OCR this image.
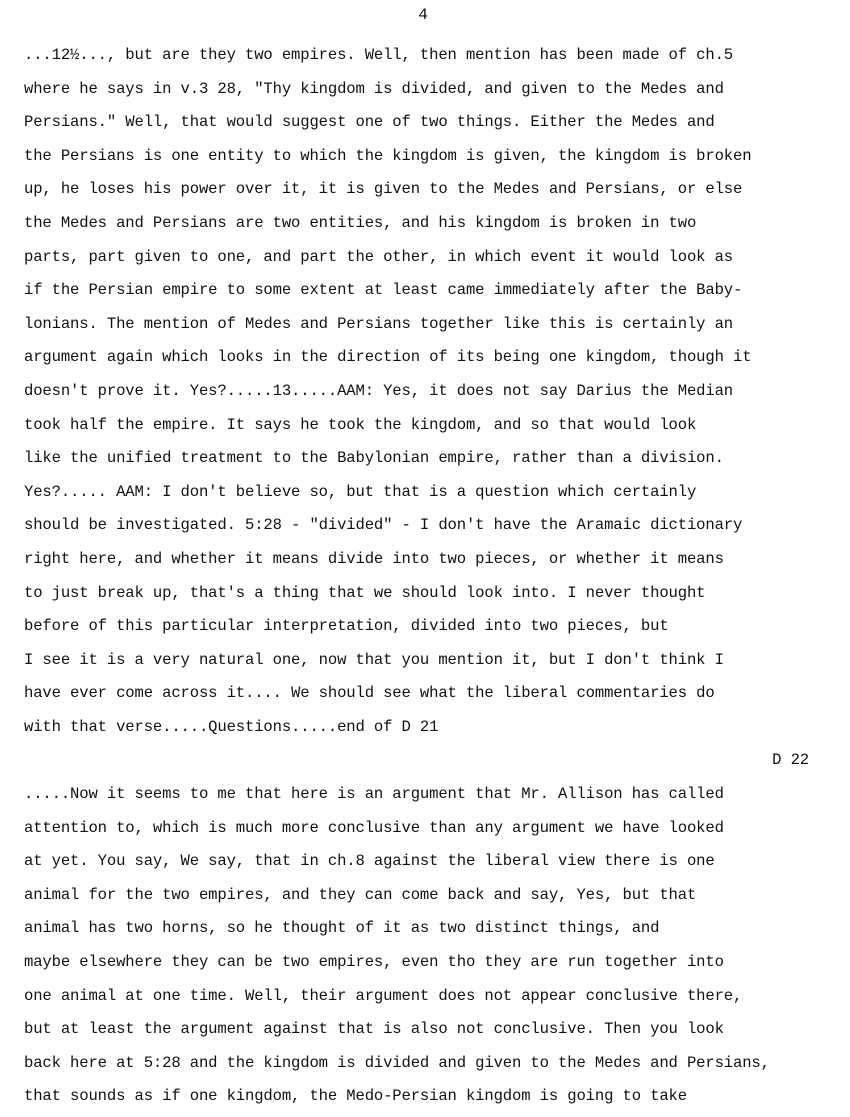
4
...12½..., but are they two empires. Well, then mention has been made of ch.5
where he says in v.3 28, "Thy kingdom is divided, and given to the Medes and
Persians." Well, that would suggest one of two things. Either the Medes and
the Persians is one entity to which the kingdom is given, the kingdom is broken
up, he loses his power over it, it is given to the Medes and Persians, or else
the Medes and Persians are two entities, and his kingdom is broken in two
parts, part given to one, and part the other, in which event it would look as
if the Persian empire to some extent at least came immediately after the Baby-
lonians. The mention of Medes and Persians together like this is certainly an
argument again which looks in the direction of its being one kingdom, though it
doesn't prove it. Yes?.....13.....AAM: Yes, it does not say Darius the Median
took half the empire. It says he took the kingdom, and so that would look
like the unified treatment to the Babylonian empire, rather than a division.
Yes?..... AAM: I don't believe so, but that is a question which certainly
should be investigated. 5:28 - "divided" - I don't have the Aramaic dictionary
right here, and whether it means divide into two pieces, or whether it means
to just break up, that's a thing that we should look into. I never thought
before of this particular interpretation, divided into two pieces, but
I see it is a very natural one, now that you mention it, but I don't think I
have ever come across it.... We should see what the liberal commentaries do
with that verse.....Questions.....end of D 21
D 22
.....Now it seems to me that here is an argument that Mr. Allison has called
attention to, which is much more conclusive than any argument we have looked
at yet. You say, We say, that in ch.8 against the liberal view there is one
animal for the two empires, and they can come back and say, Yes, but that
animal has two horns, so he thought of it as two distinct things, and
maybe elsewhere they can be two empires, even tho they are run together into
one animal at one time. Well, their argument does not appear conclusive there,
but at least the argument against that is also not conclusive. Then you look
back here at 5:28 and the kingdom is divided and given to the Medes and Persians,
that sounds as if one kingdom, the Medo-Persian kingdom is going to take
